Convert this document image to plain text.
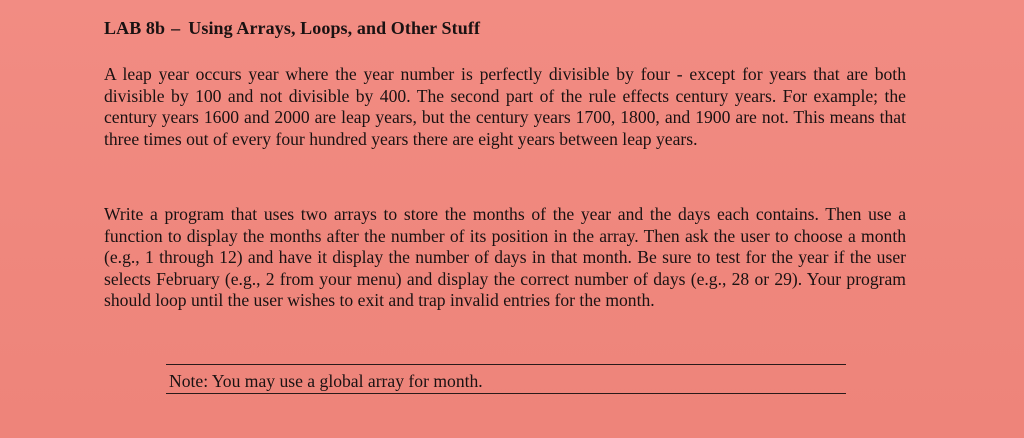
LAB 8b – Using Arrays, Loops, and Other Stuff

A leap year occurs year where the year number is perfectly divisible by four - except for years that are both divisible by 100 and not divisible by 400. The second part of the rule effects century years. For example; the century years 1600 and 2000 are leap years, but the century years 1700, 1800, and 1900 are not. This means that three times out of every four hundred years there are eight years between leap years.

Write a program that uses two arrays to store the months of the year and the days each contains. Then use a function to display the months after the number of its position in the array. Then ask the user to choose a month (e.g., 1 through 12) and have it display the number of days in that month. Be sure to test for the year if the user selects February (e.g., 2 from your menu) and display the correct number of days (e.g., 28 or 29). Your program should loop until the user wishes to exit and trap invalid entries for the month.

Note: You may use a global array for month.
